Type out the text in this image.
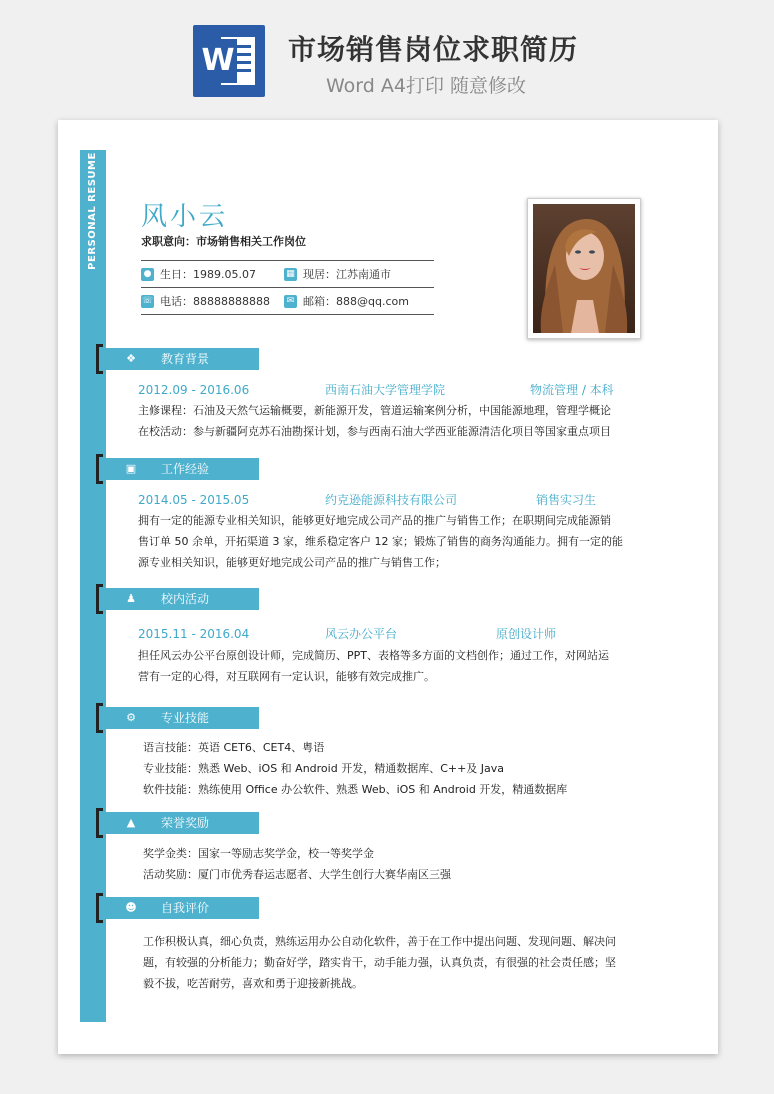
W 市场销售岗位求职简历
Word A4打印 随意修改
PERSONAL RESUME	风小云
求职意向：市场销售相关工作岗位
● 生日：1989.05.07	▦ 现居：江苏南通市
☏ 电话：88888888888	✉ 邮箱：888@qq.com
❖ 教育背景
2012.09 - 2016.06	西南石油大学管理学院	物流管理 / 本科
主修课程：石油及天然气运输概要，新能源开发，管道运输案例分析，中国能源地理，管理学概论
在校活动：参与新疆阿克苏石油勘探计划，参与西南石油大学西亚能源清洁化项目等国家重点项目
▣ 工作经验
2014.05 - 2015.05	约克逊能源科技有限公司	销售实习生
拥有一定的能源专业相关知识，能够更好地完成公司产品的推广与销售工作；在职期间完成能源销
售订单 50 余单，开拓渠道 3 家，维系稳定客户 12 家；锻炼了销售的商务沟通能力。拥有一定的能
源专业相关知识，能够更好地完成公司产品的推广与销售工作；
♟ 校内活动
2015.11 - 2016.04	风云办公平台	原创设计师
担任风云办公平台原创设计师，完成简历、PPT、表格等多方面的文档创作；通过工作，对网站运
营有一定的心得，对互联网有一定认识，能够有效完成推广。
⚙ 专业技能
语言技能：英语 CET6、CET4、粤语
专业技能：熟悉 Web、iOS 和 Android 开发，精通数据库、C++及 Java
软件技能：熟练使用 Office 办公软件、熟悉 Web、iOS 和 Android 开发，精通数据库
▲ 荣誉奖励
奖学金类：国家一等励志奖学金，校一等奖学金
活动奖励：厦门市优秀春运志愿者、大学生创行大赛华南区三强
☻ 自我评价
工作积极认真，细心负责，熟练运用办公自动化软件，善于在工作中提出问题、发现问题、解决问
题，有较强的分析能力；勤奋好学，踏实肯干，动手能力强，认真负责，有很强的社会责任感；坚
毅不拔，吃苦耐劳，喜欢和勇于迎接新挑战。
